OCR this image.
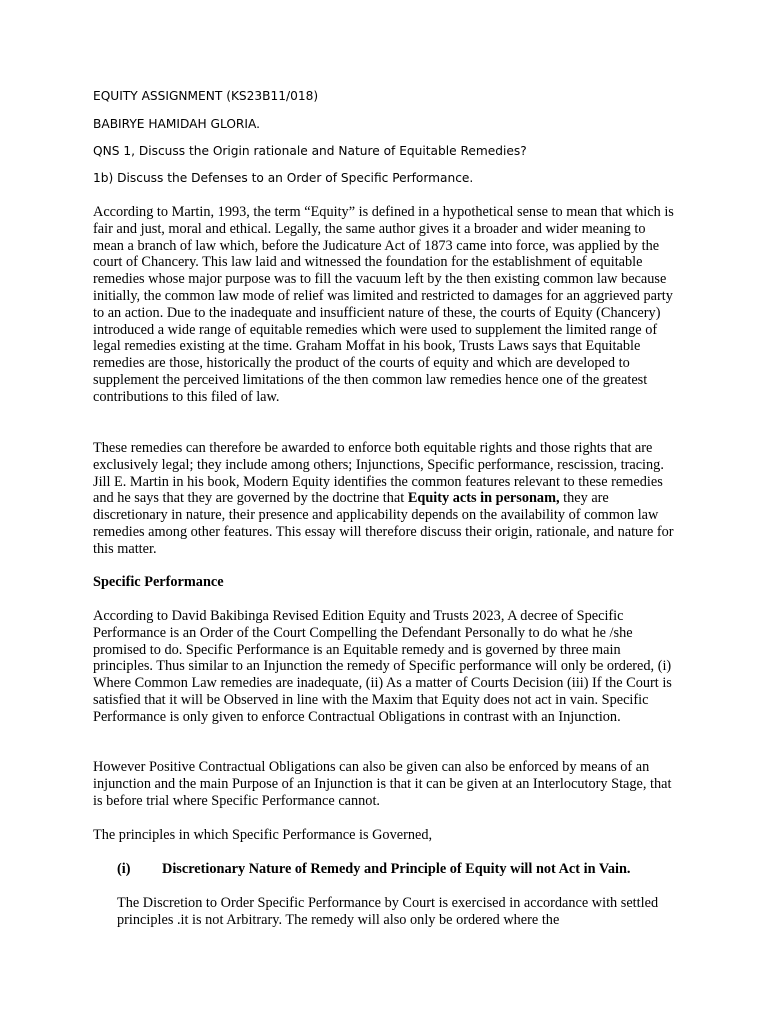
EQUITY ASSIGNMENT (KS23B11/018)
BABIRYE HAMIDAH GLORIA.
QNS 1, Discuss the Origin rationale and Nature of Equitable Remedies?
1b) Discuss the Defenses to an Order of Specific Performance.

According to Martin, 1993, the term “Equity” is defined in a hypothetical sense to mean that which is fair and just, moral and ethical. Legally, the same author gives it a broader and wider meaning to mean a branch of law which, before the Judicature Act of 1873 came into force, was applied by the court of Chancery. This law laid and witnessed the foundation for the establishment of equitable remedies whose major purpose was to fill the vacuum left by the then existing common law because initially, the common law mode of relief was limited and restricted to damages for an aggrieved party to an action. Due to the inadequate and insufficient nature of these, the courts of Equity (Chancery) introduced a wide range of equitable remedies which were used to supplement the limited range of legal remedies existing at the time. Graham Moffat in his book, Trusts Laws says that Equitable remedies are those, historically the product of the courts of equity and which are developed to supplement the perceived limitations of the then common law remedies hence one of the greatest contributions to this filed of law.

These remedies can therefore be awarded to enforce both equitable rights and those rights that are exclusively legal; they include among others; Injunctions, Specific performance, rescission, tracing. Jill E. Martin in his book, Modern Equity identifies the common features relevant to these remedies and he says that they are governed by the doctrine that Equity acts in personam, they are discretionary in nature, their presence and applicability depends on the availability of common law remedies among other features. This essay will therefore discuss their origin, rationale, and nature for this matter.

Specific Performance

According to David Bakibinga Revised Edition Equity and Trusts 2023, A decree of Specific Performance is an Order of the Court Compelling the Defendant Personally to do what he /she promised to do. Specific Performance is an Equitable remedy and is governed by three main principles. Thus similar to an Injunction the remedy of Specific performance will only be ordered, (i) Where Common Law remedies are inadequate, (ii) As a matter of Courts Decision (iii) If the Court is satisfied that it will be Observed in line with the Maxim that Equity does not act in vain. Specific Performance is only given to enforce Contractual Obligations in contrast with an Injunction.

However Positive Contractual Obligations can also be given can also be enforced by means of an injunction and the main Purpose of an Injunction is that it can be given at an Interlocutory Stage, that is before trial where Specific Performance cannot.

The principles in which Specific Performance is Governed,

(i) Discretionary Nature of Remedy and Principle of Equity will not Act in Vain.

The Discretion to Order Specific Performance by Court is exercised in accordance with settled principles .it is not Arbitrary. The remedy will also only be ordered where the
